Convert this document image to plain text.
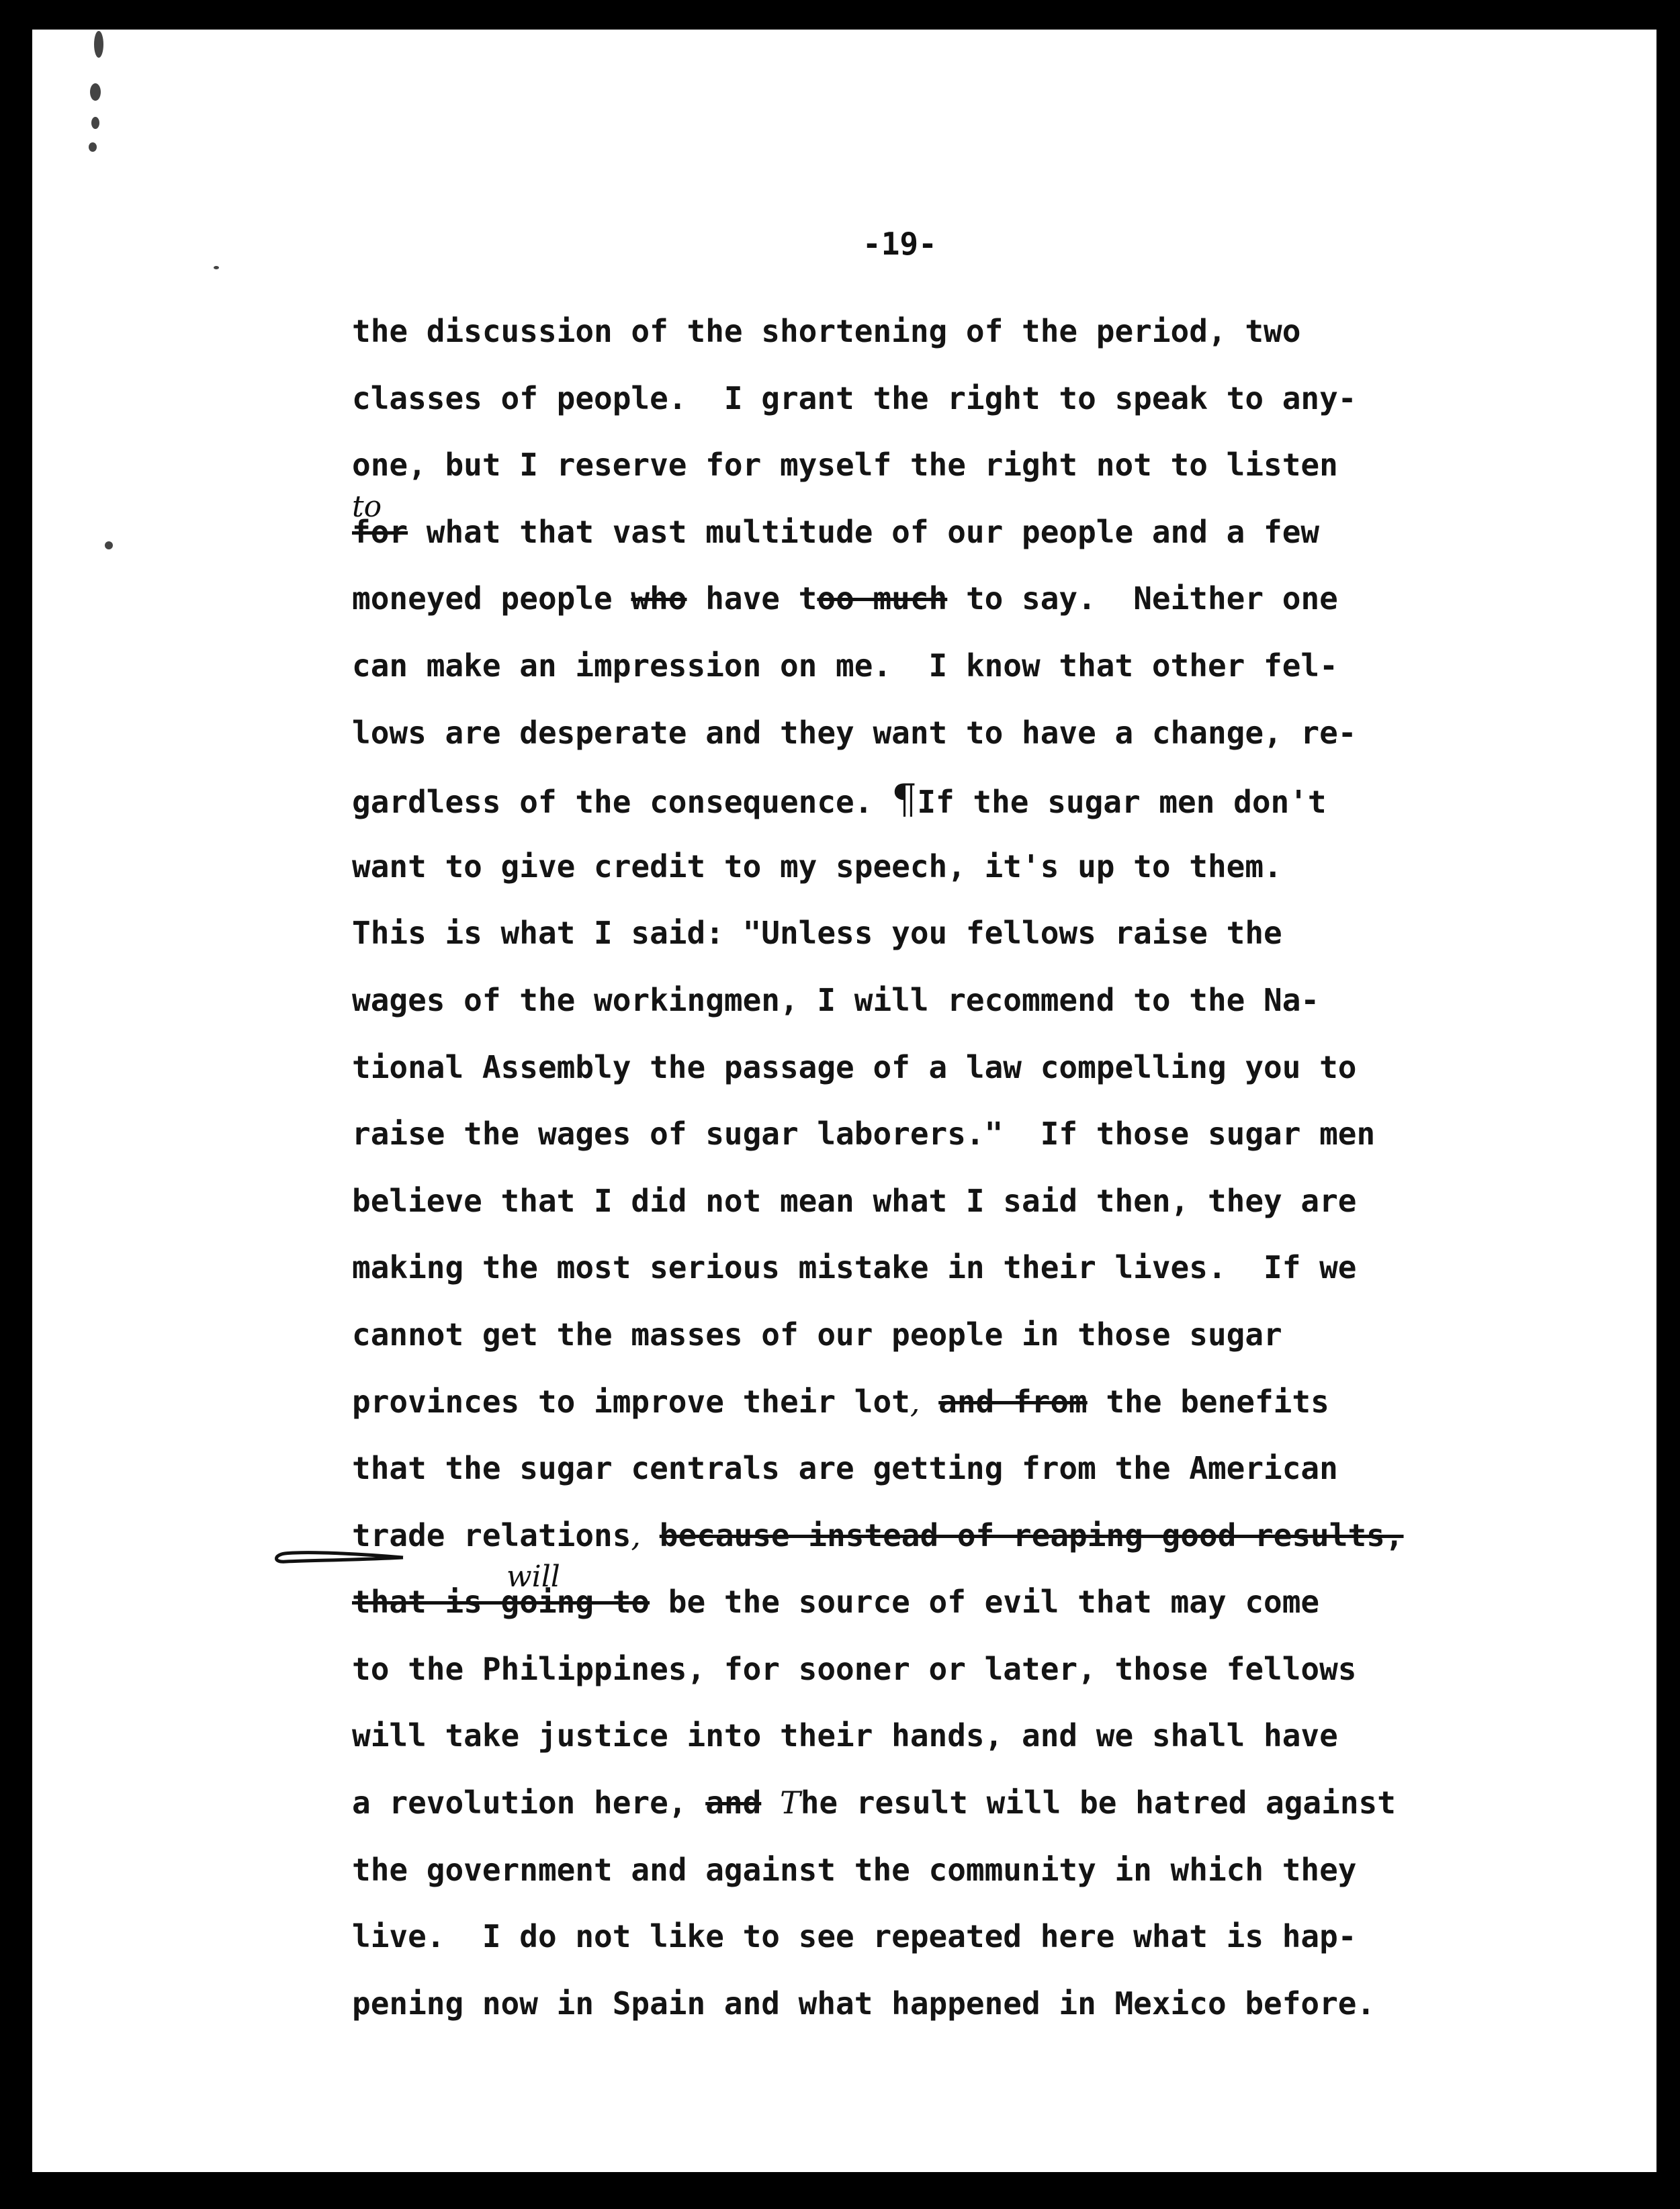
-19-
the discussion of the shortening of the period, two
classes of people.  I grant the right to speak to any-
one, but I reserve for myself the right not to listen
for what that vast multitude of our people and a few
to
moneyed people who have too much to say.  Neither one
can make an impression on me.  I know that other fel-
lows are desperate and they want to have a change, re-
gardless of the consequence. ¶If the sugar men don't
want to give credit to my speech, it's up to them.
This is what I said: "Unless you fellows raise the
wages of the workingmen, I will recommend to the Na-
tional Assembly the passage of a law compelling you to
raise the wages of sugar laborers."  If those sugar men
believe that I did not mean what I said then, they are
making the most serious mistake in their lives.  If we
cannot get the masses of our people in those sugar
provinces to improve their lot, and from the benefits
that the sugar centrals are getting from the American
trade relations, because instead of reaping good results,
that is going to be the source of evil that may come
will
to the Philippines, for sooner or later, those fellows
will take justice into their hands, and we shall have
a revolution here, and The result will be hatred against
the government and against the community in which they
live.  I do not like to see repeated here what is hap-
pening now in Spain and what happened in Mexico before.
